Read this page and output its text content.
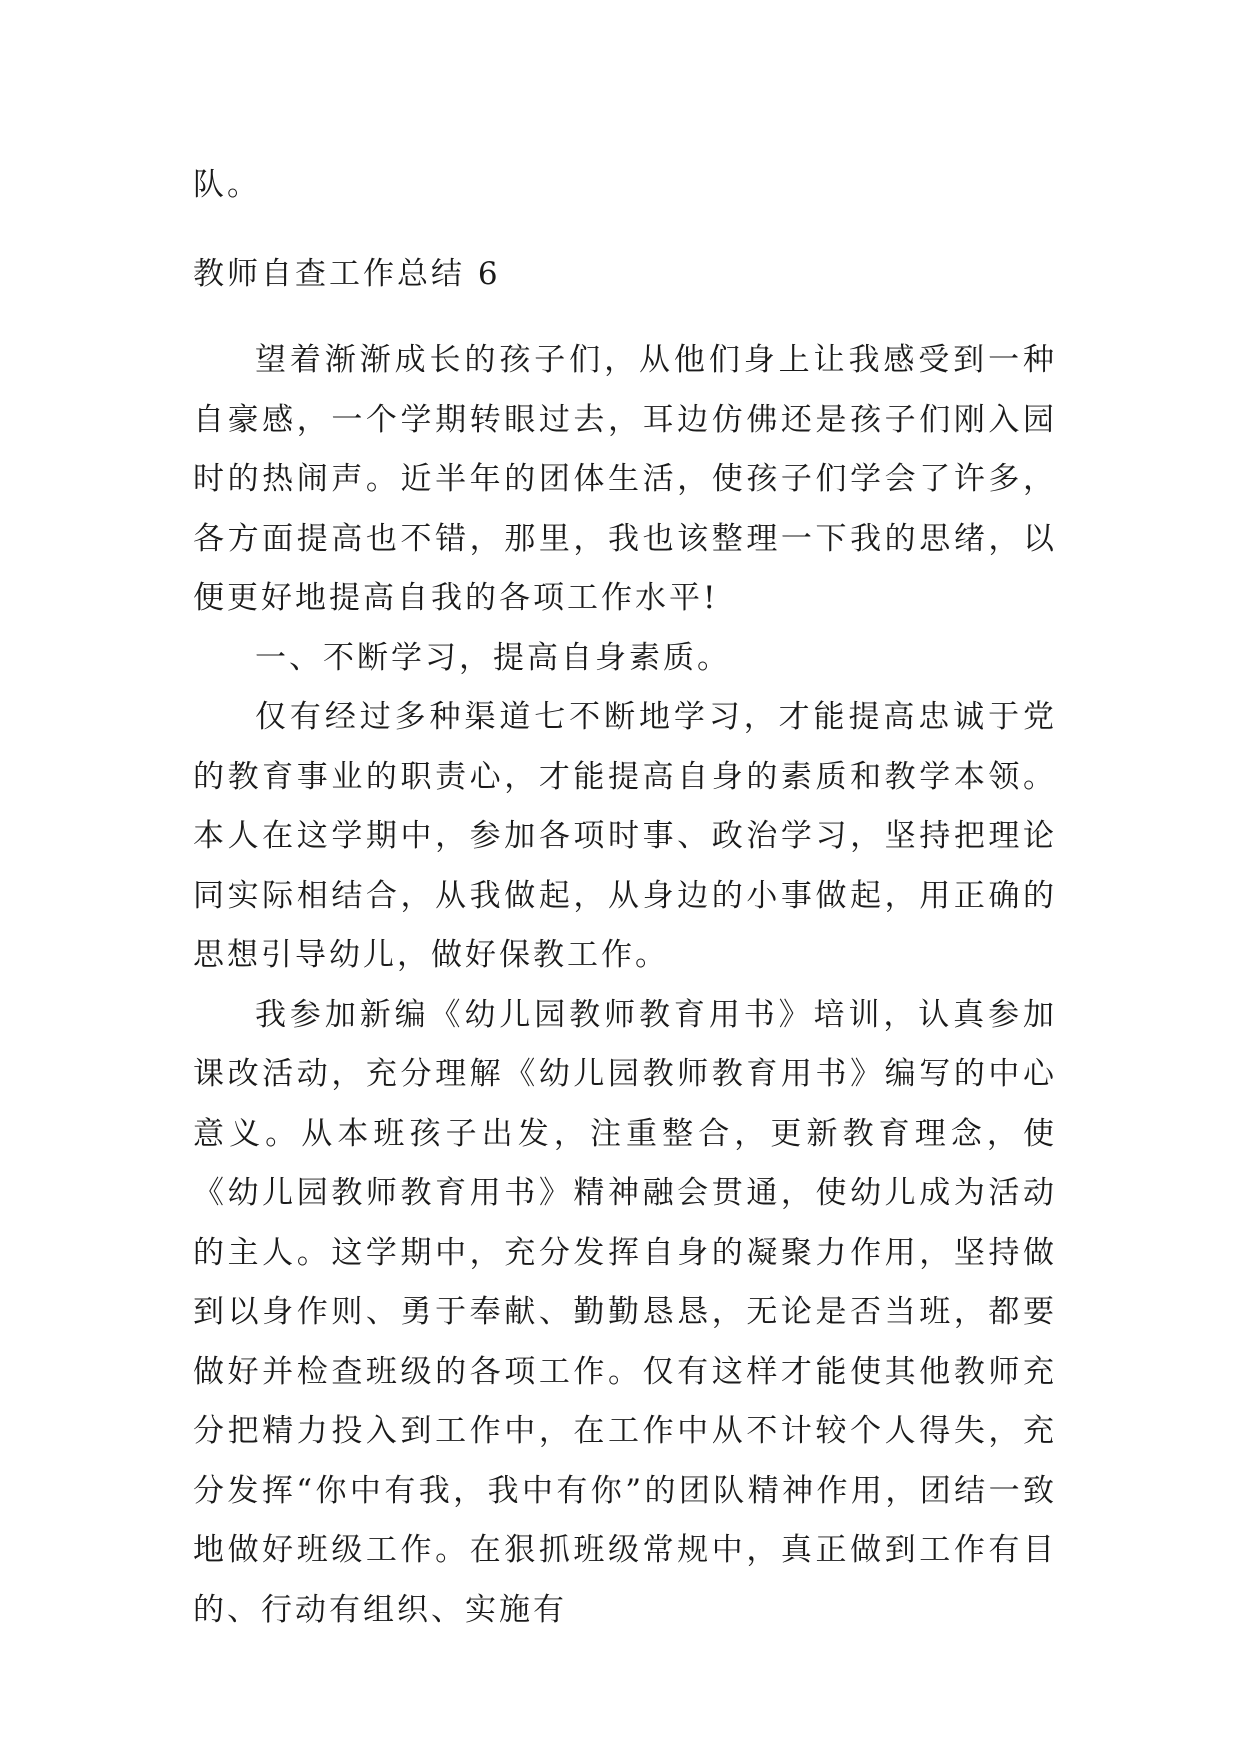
队。

教师自查工作总结 6

望着渐渐成长的孩子们，从他们身上让我感受到一种自豪感，一个学期转眼过去，耳边仿佛还是孩子们刚入园时的热闹声。近半年的团体生活，使孩子们学会了许多，各方面提高也不错，那里，我也该整理一下我的思绪，以便更好地提高自我的各项工作水平!

一、不断学习，提高自身素质。

仅有经过多种渠道七不断地学习，才能提高忠诚于党的教育事业的职责心，才能提高自身的素质和教学本领。本人在这学期中，参加各项时事、政治学习，坚持把理论同实际相结合，从我做起，从身边的小事做起，用正确的思想引导幼儿，做好保教工作。

我参加新编《幼儿园教师教育用书》培训，认真参加课改活动，充分理解《幼儿园教师教育用书》编写的中心意义。从本班孩子出发，注重整合，更新教育理念，使《幼儿园教师教育用书》精神融会贯通，使幼儿成为活动的主人。这学期中，充分发挥自身的凝聚力作用，坚持做到以身作则、勇于奉献、勤勤恳恳，无论是否当班，都要做好并检查班级的各项工作。仅有这样才能使其他教师充分把精力投入到工作中，在工作中从不计较个人得失，充分发挥“你中有我，我中有你”的团队精神作用，团结一致地做好班级工作。在狠抓班级常规中，真正做到工作有目的、行动有组织、实施有
